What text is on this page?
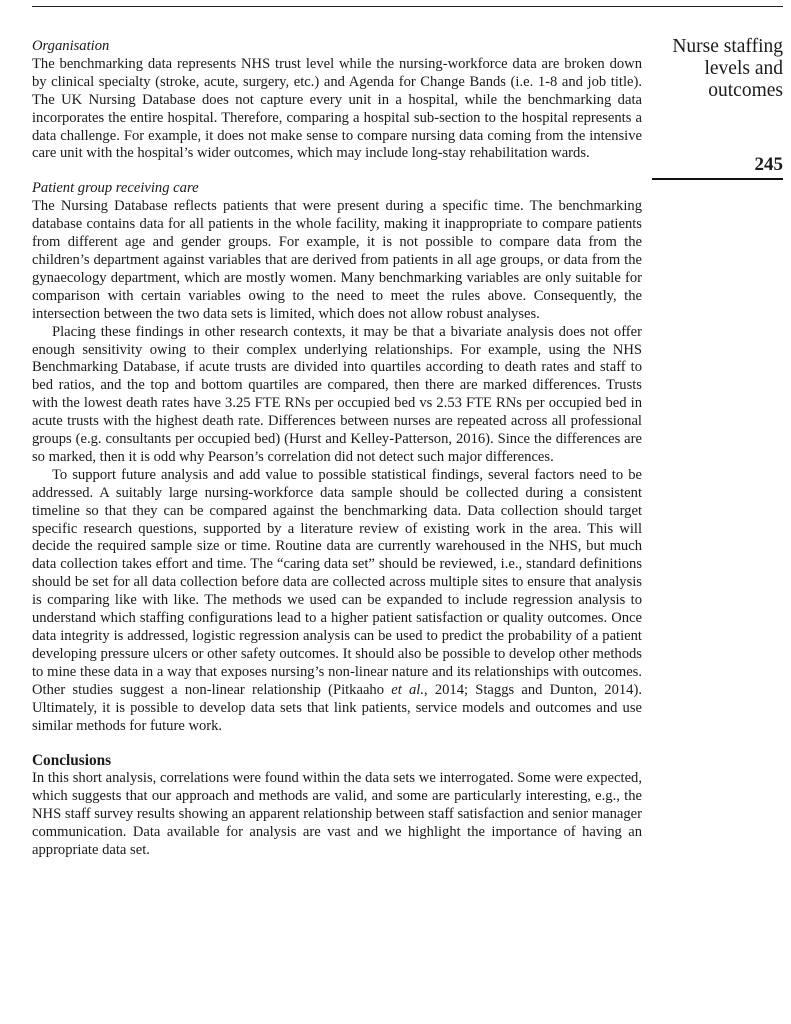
Nurse staffing
levels and
outcomes
245
Organisation

The benchmarking data represents NHS trust level while the nursing-workforce data are broken down by clinical specialty (stroke, acute, surgery, etc.) and Agenda for Change Bands (i.e. 1-8 and job title). The UK Nursing Database does not capture every unit in a hospital, while the benchmarking data incorporates the entire hospital. Therefore, comparing a hospital sub-section to the hospital represents a data challenge. For example, it does not make sense to compare nursing data coming from the intensive care unit with the hospital’s wider outcomes, which may include long-stay rehabilitation wards.

Patient group receiving care

The Nursing Database reflects patients that were present during a specific time. The benchmarking database contains data for all patients in the whole facility, making it inappropriate to compare patients from different age and gender groups. For example, it is not possible to compare data from the children’s department against variables that are derived from patients in all age groups, or data from the gynaecology department, which are mostly women. Many benchmarking variables are only suitable for comparison with certain variables owing to the need to meet the rules above. Consequently, the intersection between the two data sets is limited, which does not allow robust analyses.

Placing these findings in other research contexts, it may be that a bivariate analysis does not offer enough sensitivity owing to their complex underlying relationships. For example, using the NHS Benchmarking Database, if acute trusts are divided into quartiles according to death rates and staff to bed ratios, and the top and bottom quartiles are compared, then there are marked differences. Trusts with the lowest death rates have 3.25 FTE RNs per occupied bed vs 2.53 FTE RNs per occupied bed in acute trusts with the highest death rate. Differences between nurses are repeated across all professional groups (e.g. consultants per occupied bed) (Hurst and Kelley-Patterson, 2016). Since the differences are so marked, then it is odd why Pearson’s correlation did not detect such major differences.

To support future analysis and add value to possible statistical findings, several factors need to be addressed. A suitably large nursing-workforce data sample should be collected during a consistent timeline so that they can be compared against the benchmarking data. Data collection should target specific research questions, supported by a literature review of existing work in the area. This will decide the required sample size or time. Routine data are currently warehoused in the NHS, but much data collection takes effort and time. The “caring data set” should be reviewed, i.e., standard definitions should be set for all data collection before data are collected across multiple sites to ensure that analysis is comparing like with like. The methods we used can be expanded to include regression analysis to understand which staffing configurations lead to a higher patient satisfaction or quality outcomes. Once data integrity is addressed, logistic regression analysis can be used to predict the probability of a patient developing pressure ulcers or other safety outcomes. It should also be possible to develop other methods to mine these data in a way that exposes nursing’s non-linear nature and its relationships with outcomes. Other studies suggest a non-linear relationship (Pitkaaho et al., 2014; Staggs and Dunton, 2014). Ultimately, it is possible to develop data sets that link patients, service models and outcomes and use similar methods for future work.

Conclusions

In this short analysis, correlations were found within the data sets we interrogated. Some were expected, which suggests that our approach and methods are valid, and some are particularly interesting, e.g., the NHS staff survey results showing an apparent relationship between staff satisfaction and senior manager communication. Data available for analysis are vast and we highlight the importance of having an appropriate data set.
